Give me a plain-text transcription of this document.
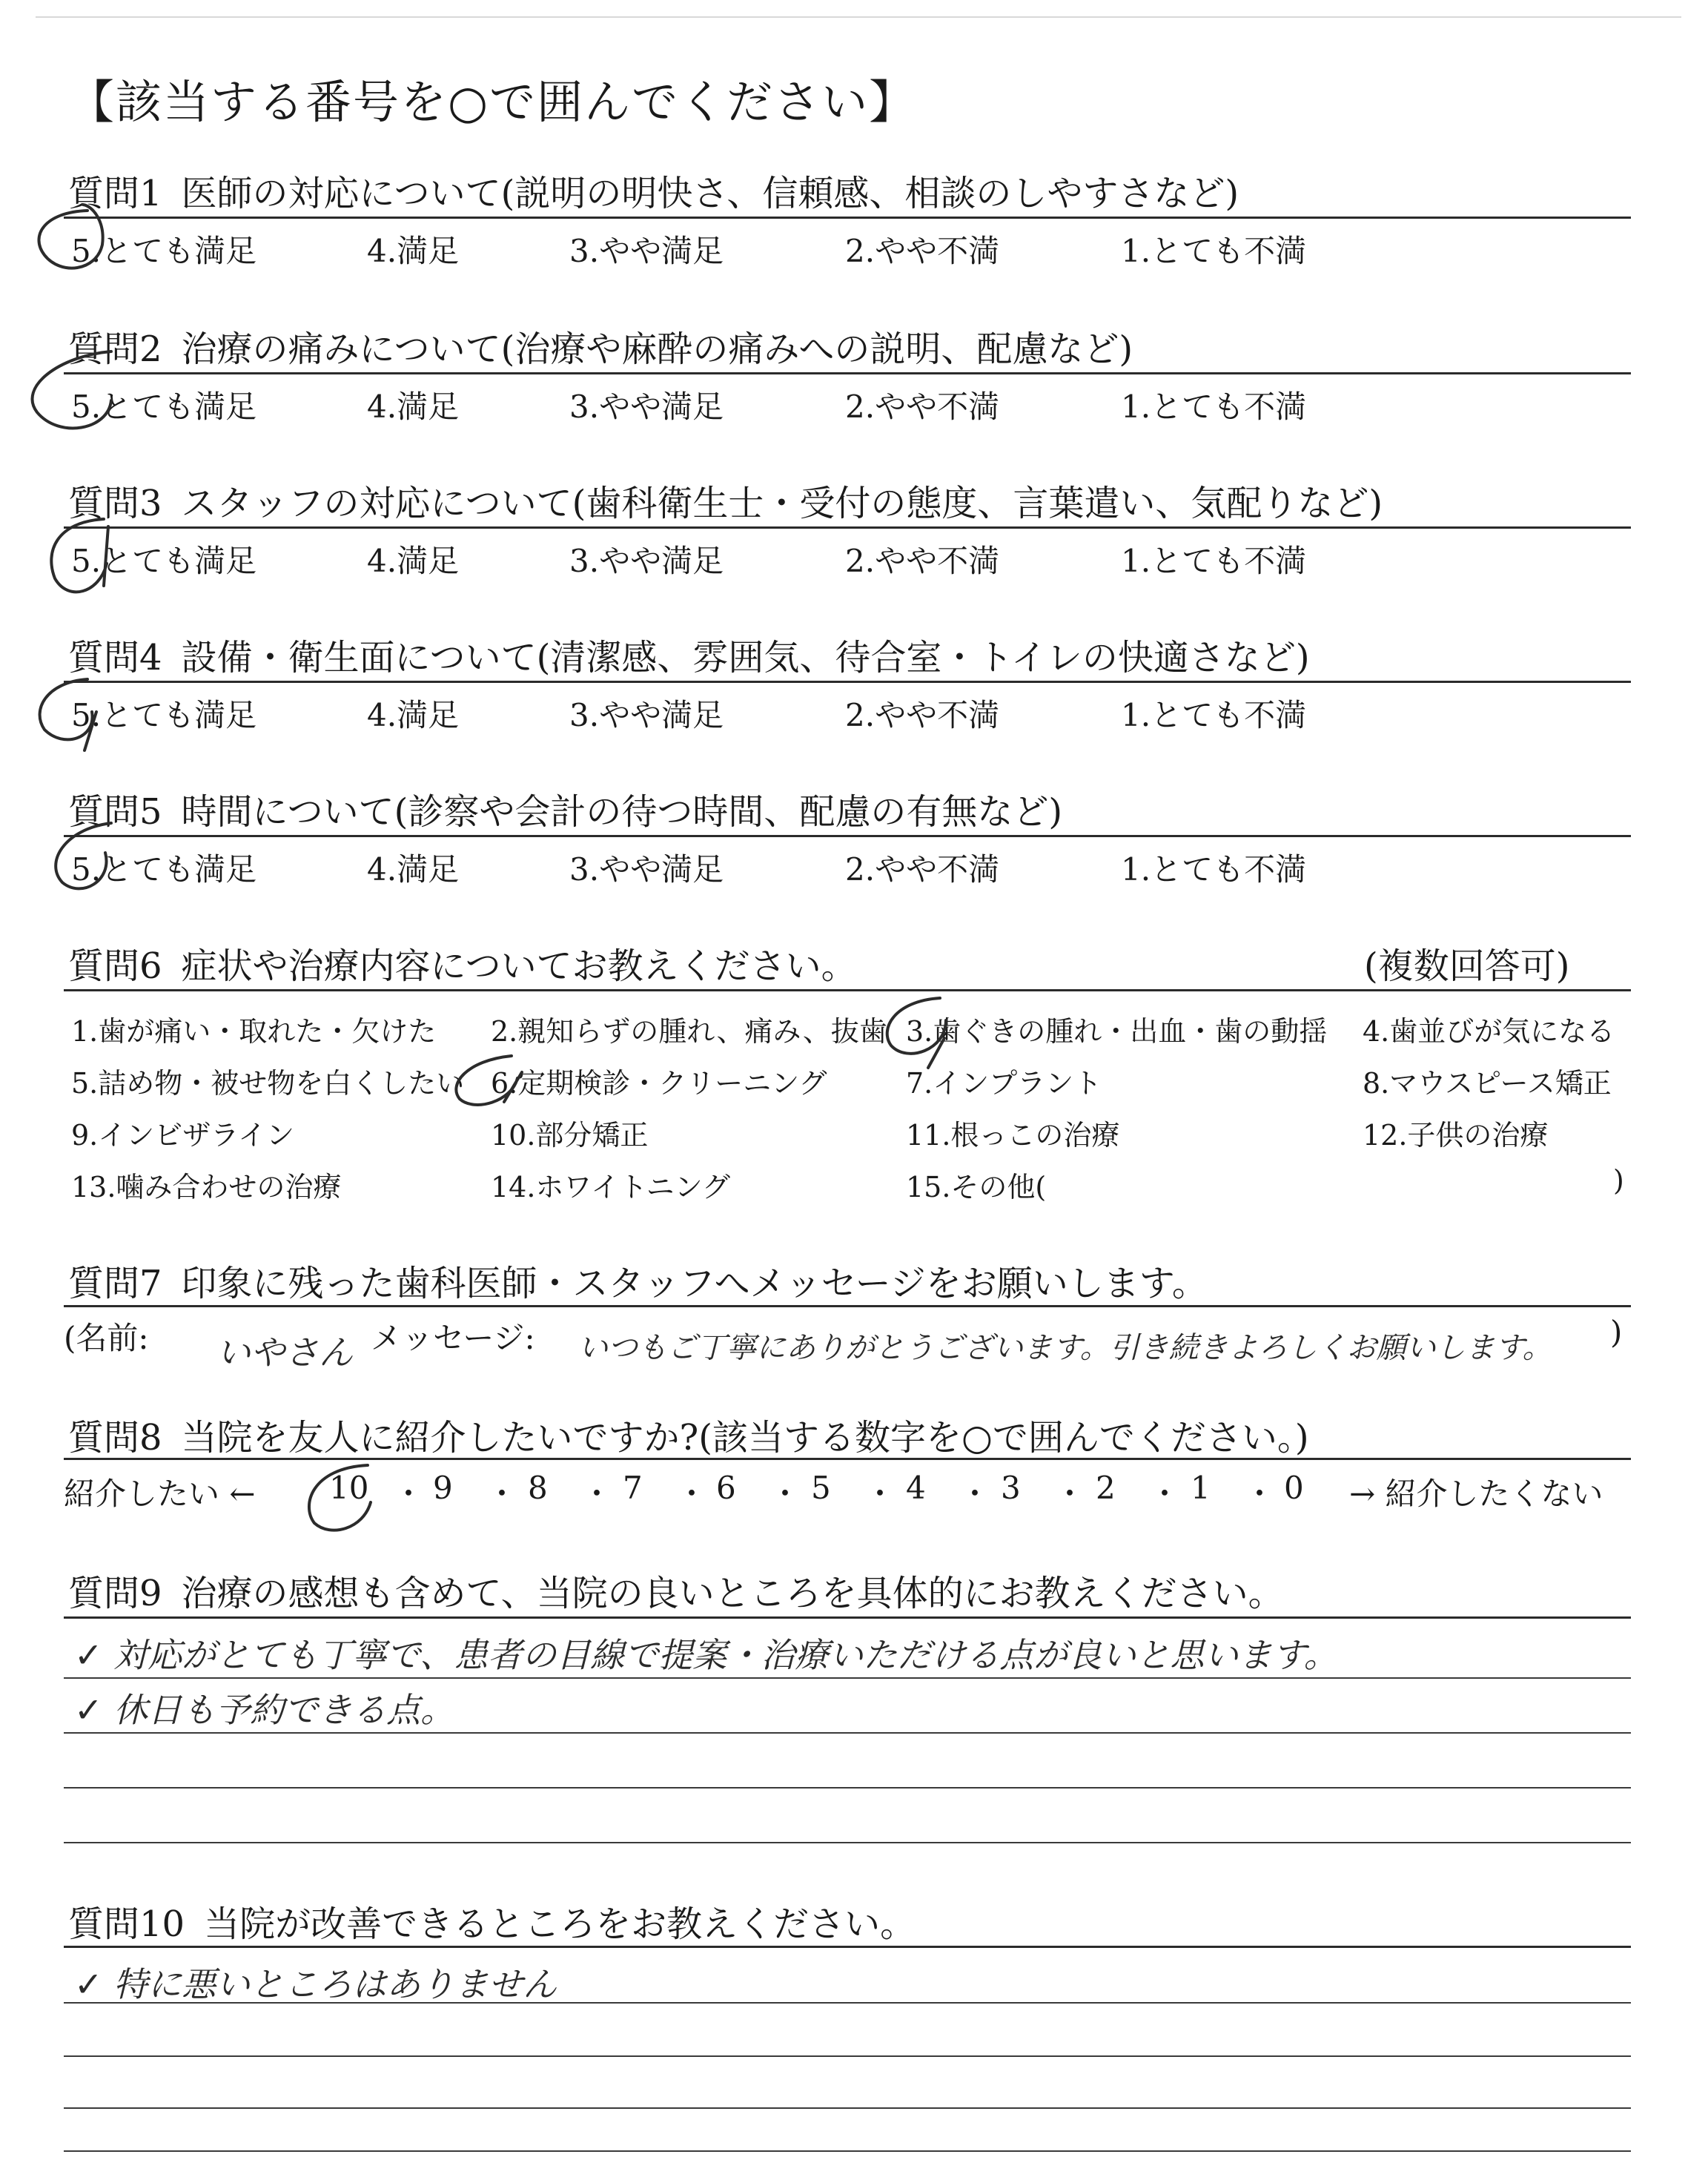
【該当する番号を○で囲んでください】
質問1 医師の対応について(説明の明快さ、信頼感、相談のしやすさなど)
5.とても満足	4.満足	3.やや満足	2.やや不満	1.とても不満
質問2 治療の痛みについて(治療や麻酔の痛みへの説明、配慮など)
5.とても満足	4.満足	3.やや満足	2.やや不満	1.とても不満
質問3 スタッフの対応について(歯科衛生士・受付の態度、言葉遣い、気配りなど)
5.とても満足	4.満足	3.やや満足	2.やや不満	1.とても不満
質問4 設備・衛生面について(清潔感、雰囲気、待合室・トイレの快適さなど)
5.とても満足	4.満足	3.やや満足	2.やや不満	1.とても不満
質問5 時間について(診察や会計の待つ時間、配慮の有無など)
5.とても満足	4.満足	3.やや満足	2.やや不満	1.とても不満
質問6 症状や治療内容についてお教えください。	(複数回答可)
1.歯が痛い・取れた・欠けた 2.親知らずの腫れ、痛み、抜歯 3.歯ぐきの腫れ・出血・歯の動揺 4.歯並びが気になる
5.詰め物・被せ物を白くしたい 6.定期検診・クリーニング	7.インプラント	8.マウスピース矯正
9.インビザライン	10.部分矯正	11.根っこの治療	12.子供の治療
13.噛み合わせの治療	14.ホワイトニング	15.その他(	)
質問7 印象に残った歯科医師・スタッフへメッセージをお願いします。
(名前: いやさん メッセージ: いつもご丁寧にありがとうございます。引き続きよろしくお願いします。 )
質問8 当院を友人に紹介したいですか?(該当する数字を○で囲んでください。)
紹介したい ← 10 ・ 9 ・ 8 ・ 7 ・ 6 ・ 5 ・ 4 ・ 3 ・ 2 ・ 1 ・ 0 → 紹介したくない
質問9 治療の感想も含めて、当院の良いところを具体的にお教えください。
✓ 対応がとても丁寧で、患者の目線で提案・治療いただける点が良いと思います。
✓ 休日も予約できる点。
質問10 当院が改善できるところをお教えください。
✓ 特に悪いところはありません
